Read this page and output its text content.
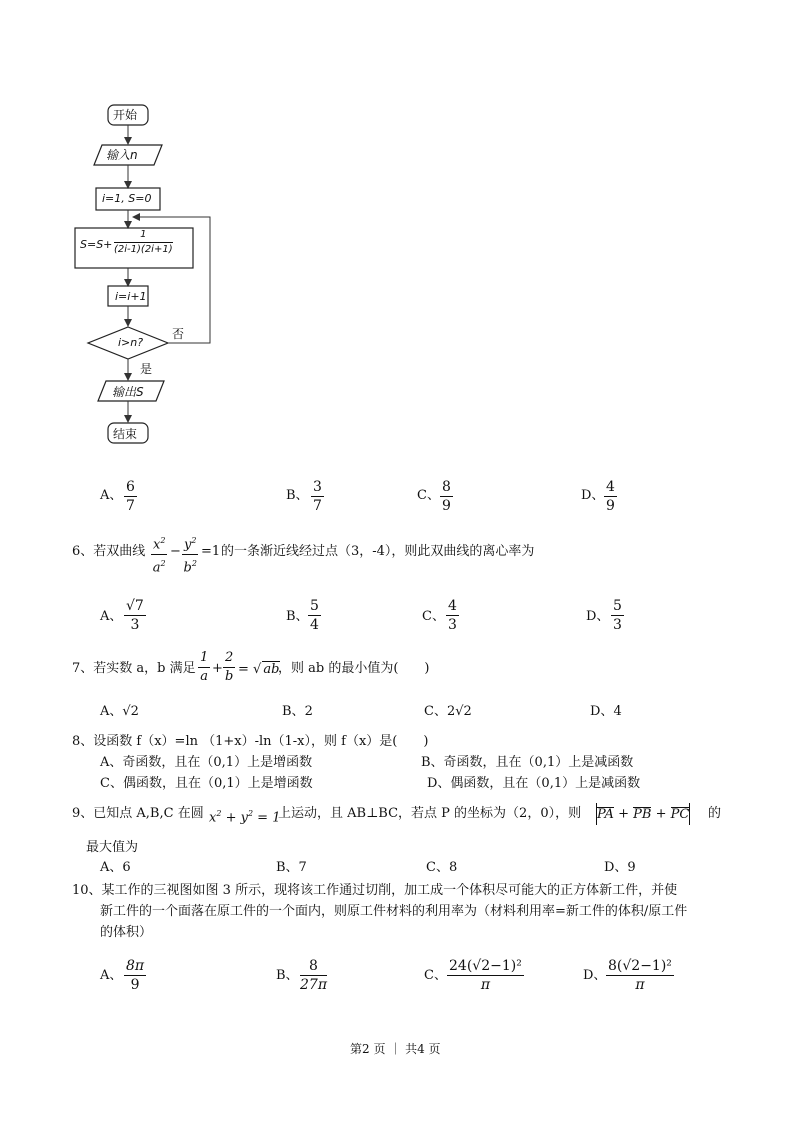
开始
输入n
i=1, S=0
S=S+
1
(2i-1)(2i+1)
i=i+1
i>n?
否
是
输出S
结束
A、
6
7
B、
3
7
C、
8
9
D、
4
9
6、若双曲线 $x^2$
$a^2$
− $y^2$
$b^2$
=1 的一条渐近线经过点（3，-4），则此双曲线的离心率为
A、
√7
3
B、
5
4
C、
4
3
D、
5
3
7、若实数 a，b 满足
1
a
+
2
b = √ ab
，则 ab 的最小值为(　　)
A、√2	B、2	C、2√2	D、4
8、设函数 f（x）=ln （1+x）-ln（1-x），则 f（x）是(　　)
A、奇函数，且在（0,1）上是增函数	B、奇函数，且在（0,1）上是减函数
C、偶函数，且在（0,1）上是增函数	D、偶函数，且在（0,1）上是减函数
9、已知点 A,B,C 在圆 $x^2 + y^2 = 1$
上运动，且 AB⊥BC，若点 P 的坐标为（2，0），则 PA + PB + PC 的
最大值为
A、6	B、7	C、8	D、9
10、某工作的三视图如图 3 所示，现将该工作通过切削，加工成一个体积尽可能大的正方体新工件，并使
新工件的一个面落在原工件的一个面内，则原工件材料的利用率为（材料利用率=新工件的体积/原工件
的体积）
A、
8π
9
B、
8
27π
C、
24(√2−1)²
π
D、
8(√2−1)²
π
第2 页 ｜ 共4 页
